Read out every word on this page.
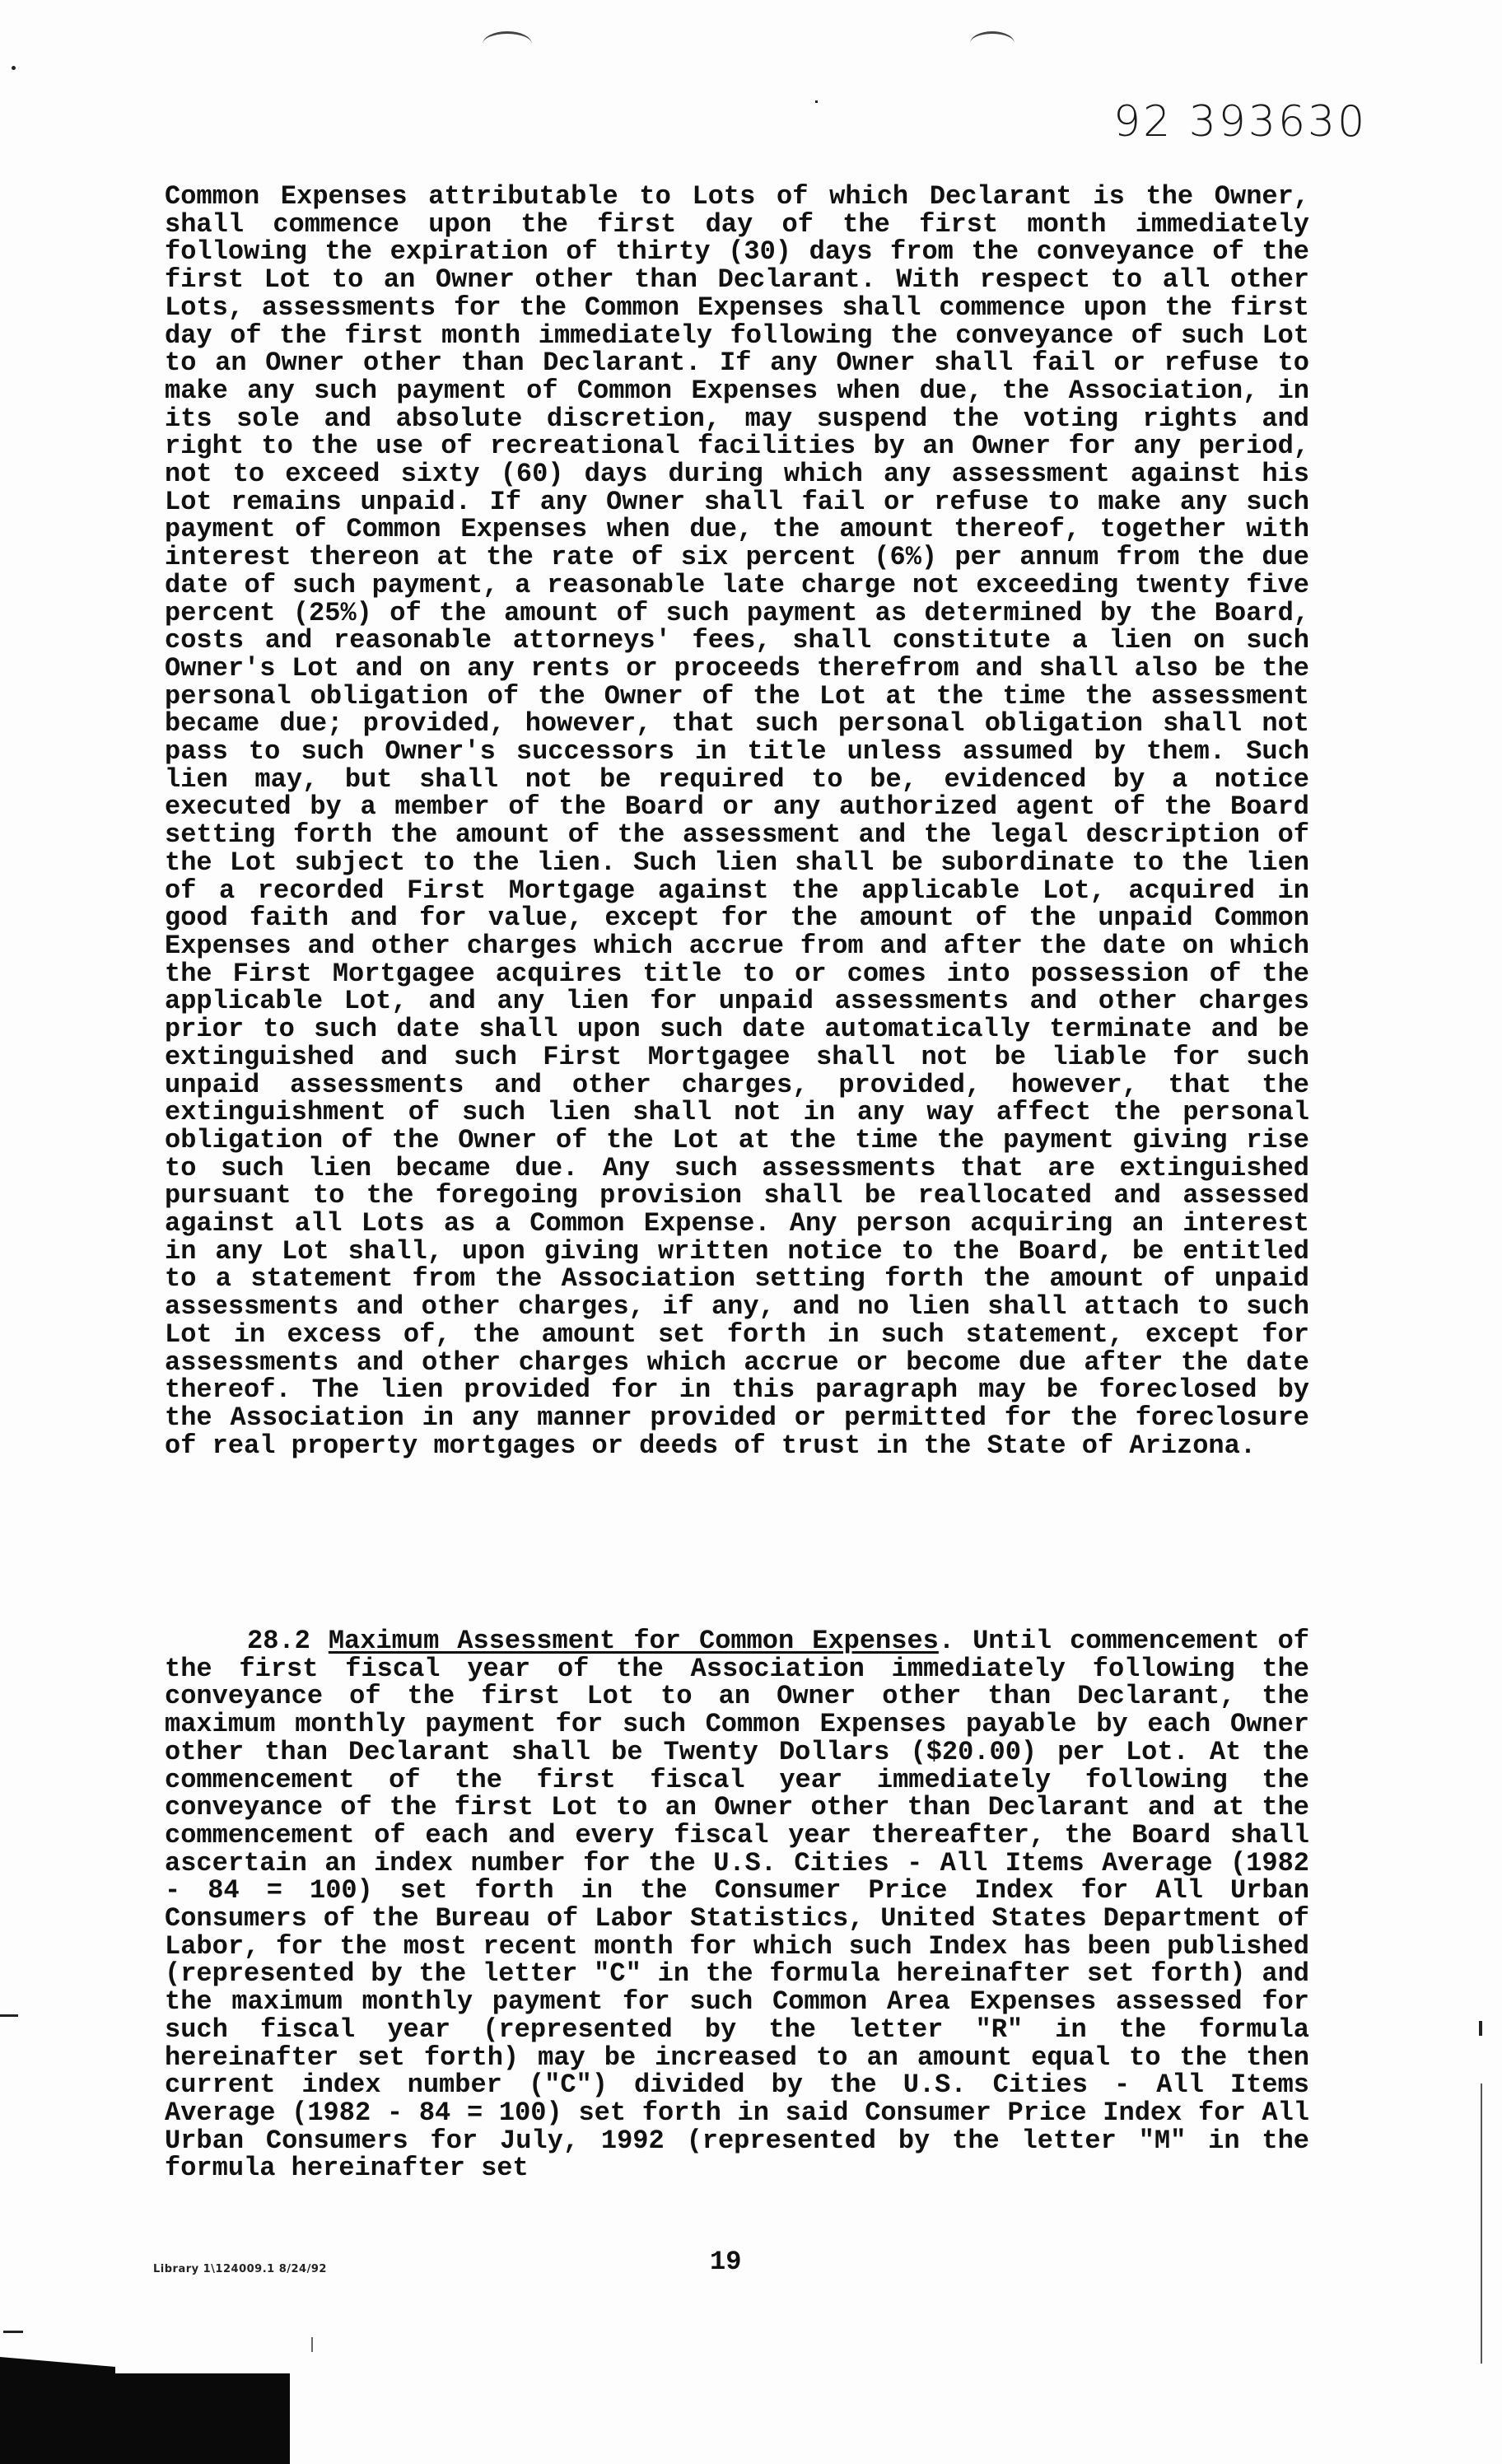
92 393630

Common Expenses attributable to Lots of which Declarant is the Owner, shall commence upon the first day of the first month immediately following the expiration of thirty (30) days from the conveyance of the first Lot to an Owner other than Declarant. With respect to all other Lots, assessments for the Common Expenses shall commence upon the first day of the first month immediately following the conveyance of such Lot to an Owner other than Declarant. If any Owner shall fail or refuse to make any such payment of Common Expenses when due, the Association, in its sole and absolute discretion, may suspend the voting rights and right to the use of recreational facilities by an Owner for any period, not to exceed sixty (60) days during which any assessment against his Lot remains unpaid. If any Owner shall fail or refuse to make any such payment of Common Expenses when due, the amount thereof, together with interest thereon at the rate of six percent (6%) per annum from the due date of such payment, a reasonable late charge not exceeding twenty five percent (25%) of the amount of such payment as determined by the Board, costs and reasonable attorneys' fees, shall constitute a lien on such Owner's Lot and on any rents or proceeds therefrom and shall also be the personal obligation of the Owner of the Lot at the time the assessment became due; provided, however, that such personal obligation shall not pass to such Owner's successors in title unless assumed by them. Such lien may, but shall not be required to be, evidenced by a notice executed by a member of the Board or any authorized agent of the Board setting forth the amount of the assessment and the legal description of the Lot subject to the lien. Such lien shall be subordinate to the lien of a recorded First Mortgage against the applicable Lot, acquired in good faith and for value, except for the amount of the unpaid Common Expenses and other charges which accrue from and after the date on which the First Mortgagee acquires title to or comes into possession of the applicable Lot, and any lien for unpaid assessments and other charges prior to such date shall upon such date automatically terminate and be extinguished and such First Mortgagee shall not be liable for such unpaid assessments and other charges, provided, however, that the extinguishment of such lien shall not in any way affect the personal obligation of the Owner of the Lot at the time the payment giving rise to such lien became due. Any such assessments that are extinguished pursuant to the foregoing provision shall be reallocated and assessed against all Lots as a Common Expense. Any person acquiring an interest in any Lot shall, upon giving written notice to the Board, be entitled to a statement from the Association setting forth the amount of unpaid assessments and other charges, if any, and no lien shall attach to such Lot in excess of, the amount set forth in such statement, except for assessments and other charges which accrue or become due after the date thereof. The lien provided for in this paragraph may be foreclosed by the Association in any manner provided or permitted for the foreclosure of real property mortgages or deeds of trust in the State of Arizona.

28.2 Maximum Assessment for Common Expenses. Until commencement of the first fiscal year of the Association immediately following the conveyance of the first Lot to an Owner other than Declarant, the maximum monthly payment for such Common Expenses payable by each Owner other than Declarant shall be Twenty Dollars ($20.00) per Lot. At the commencement of the first fiscal year immediately following the conveyance of the first Lot to an Owner other than Declarant and at the commencement of each and every fiscal year thereafter, the Board shall ascertain an index number for the U.S. Cities - All Items Average (1982 - 84 = 100) set forth in the Consumer Price Index for All Urban Consumers of the Bureau of Labor Statistics, United States Department of Labor, for the most recent month for which such Index has been published (represented by the letter "C" in the formula hereinafter set forth) and the maximum monthly payment for such Common Area Expenses assessed for such fiscal year (represented by the letter "R" in the formula hereinafter set forth) may be increased to an amount equal to the then current index number ("C") divided by the U.S. Cities - All Items Average (1982 - 84 = 100) set forth in said Consumer Price Index for All Urban Consumers for July, 1992 (represented by the letter "M" in the formula hereinafter set

Library 1\124009.1 8/24/92	19
